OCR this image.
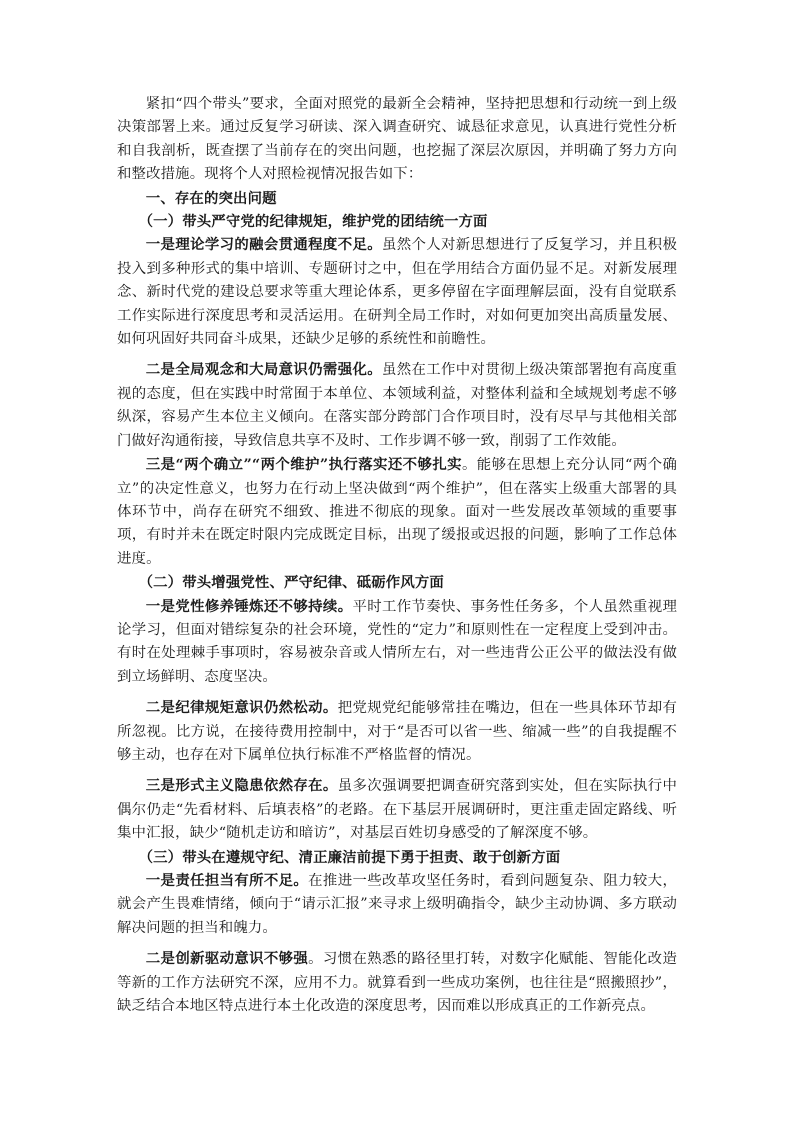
紧扣“四个带头”要求，全面对照党的最新全会精神，坚持把思想和行动统一到上级决策部署上来。通过反复学习研读、深入调查研究、诚恳征求意见，认真进行党性分析和自我剖析，既查摆了当前存在的突出问题，也挖掘了深层次原因，并明确了努力方向和整改措施。现将个人对照检视情况报告如下：

一、存在的突出问题

（一）带头严守党的纪律规矩，维护党的团结统一方面

一是理论学习的融会贯通程度不足。虽然个人对新思想进行了反复学习，并且积极投入到多种形式的集中培训、专题研讨之中，但在学用结合方面仍显不足。对新发展理念、新时代党的建设总要求等重大理论体系，更多停留在字面理解层面，没有自觉联系工作实际进行深度思考和灵活运用。在研判全局工作时，对如何更加突出高质量发展、如何巩固好共同奋斗成果，还缺少足够的系统性和前瞻性。

二是全局观念和大局意识仍需强化。虽然在工作中对贯彻上级决策部署抱有高度重视的态度，但在实践中时常囿于本单位、本领域利益，对整体利益和全域规划考虑不够纵深，容易产生本位主义倾向。在落实部分跨部门合作项目时，没有尽早与其他相关部门做好沟通衔接，导致信息共享不及时、工作步调不够一致，削弱了工作效能。

三是“两个确立”“两个维护”执行落实还不够扎实。能够在思想上充分认同“两个确立”的决定性意义，也努力在行动上坚决做到“两个维护”，但在落实上级重大部署的具体环节中，尚存在研究不细致、推进不彻底的现象。面对一些发展改革领域的重要事项，有时并未在既定时限内完成既定目标，出现了缓报或迟报的问题，影响了工作总体进度。

（二）带头增强党性、严守纪律、砥砺作风方面

一是党性修养锤炼还不够持续。平时工作节奏快、事务性任务多，个人虽然重视理论学习，但面对错综复杂的社会环境，党性的“定力”和原则性在一定程度上受到冲击。有时在处理棘手事项时，容易被杂音或人情所左右，对一些违背公正公平的做法没有做到立场鲜明、态度坚决。

二是纪律规矩意识仍然松动。把党规党纪能够常挂在嘴边，但在一些具体环节却有所忽视。比方说，在接待费用控制中，对于“是否可以省一些、缩减一些”的自我提醒不够主动，也存在对下属单位执行标准不严格监督的情况。

三是形式主义隐患依然存在。虽多次强调要把调查研究落到实处，但在实际执行中偶尔仍走“先看材料、后填表格”的老路。在下基层开展调研时，更注重走固定路线、听集中汇报，缺少“随机走访和暗访”，对基层百姓切身感受的了解深度不够。

（三）带头在遵规守纪、清正廉洁前提下勇于担责、敢于创新方面

一是责任担当有所不足。在推进一些改革攻坚任务时，看到问题复杂、阻力较大，就会产生畏难情绪，倾向于“请示汇报”来寻求上级明确指令，缺少主动协调、多方联动解决问题的担当和魄力。

二是创新驱动意识不够强。习惯在熟悉的路径里打转，对数字化赋能、智能化改造等新的工作方法研究不深，应用不力。就算看到一些成功案例，也往往是“照搬照抄”，缺乏结合本地区特点进行本土化改造的深度思考，因而难以形成真正的工作新亮点。
